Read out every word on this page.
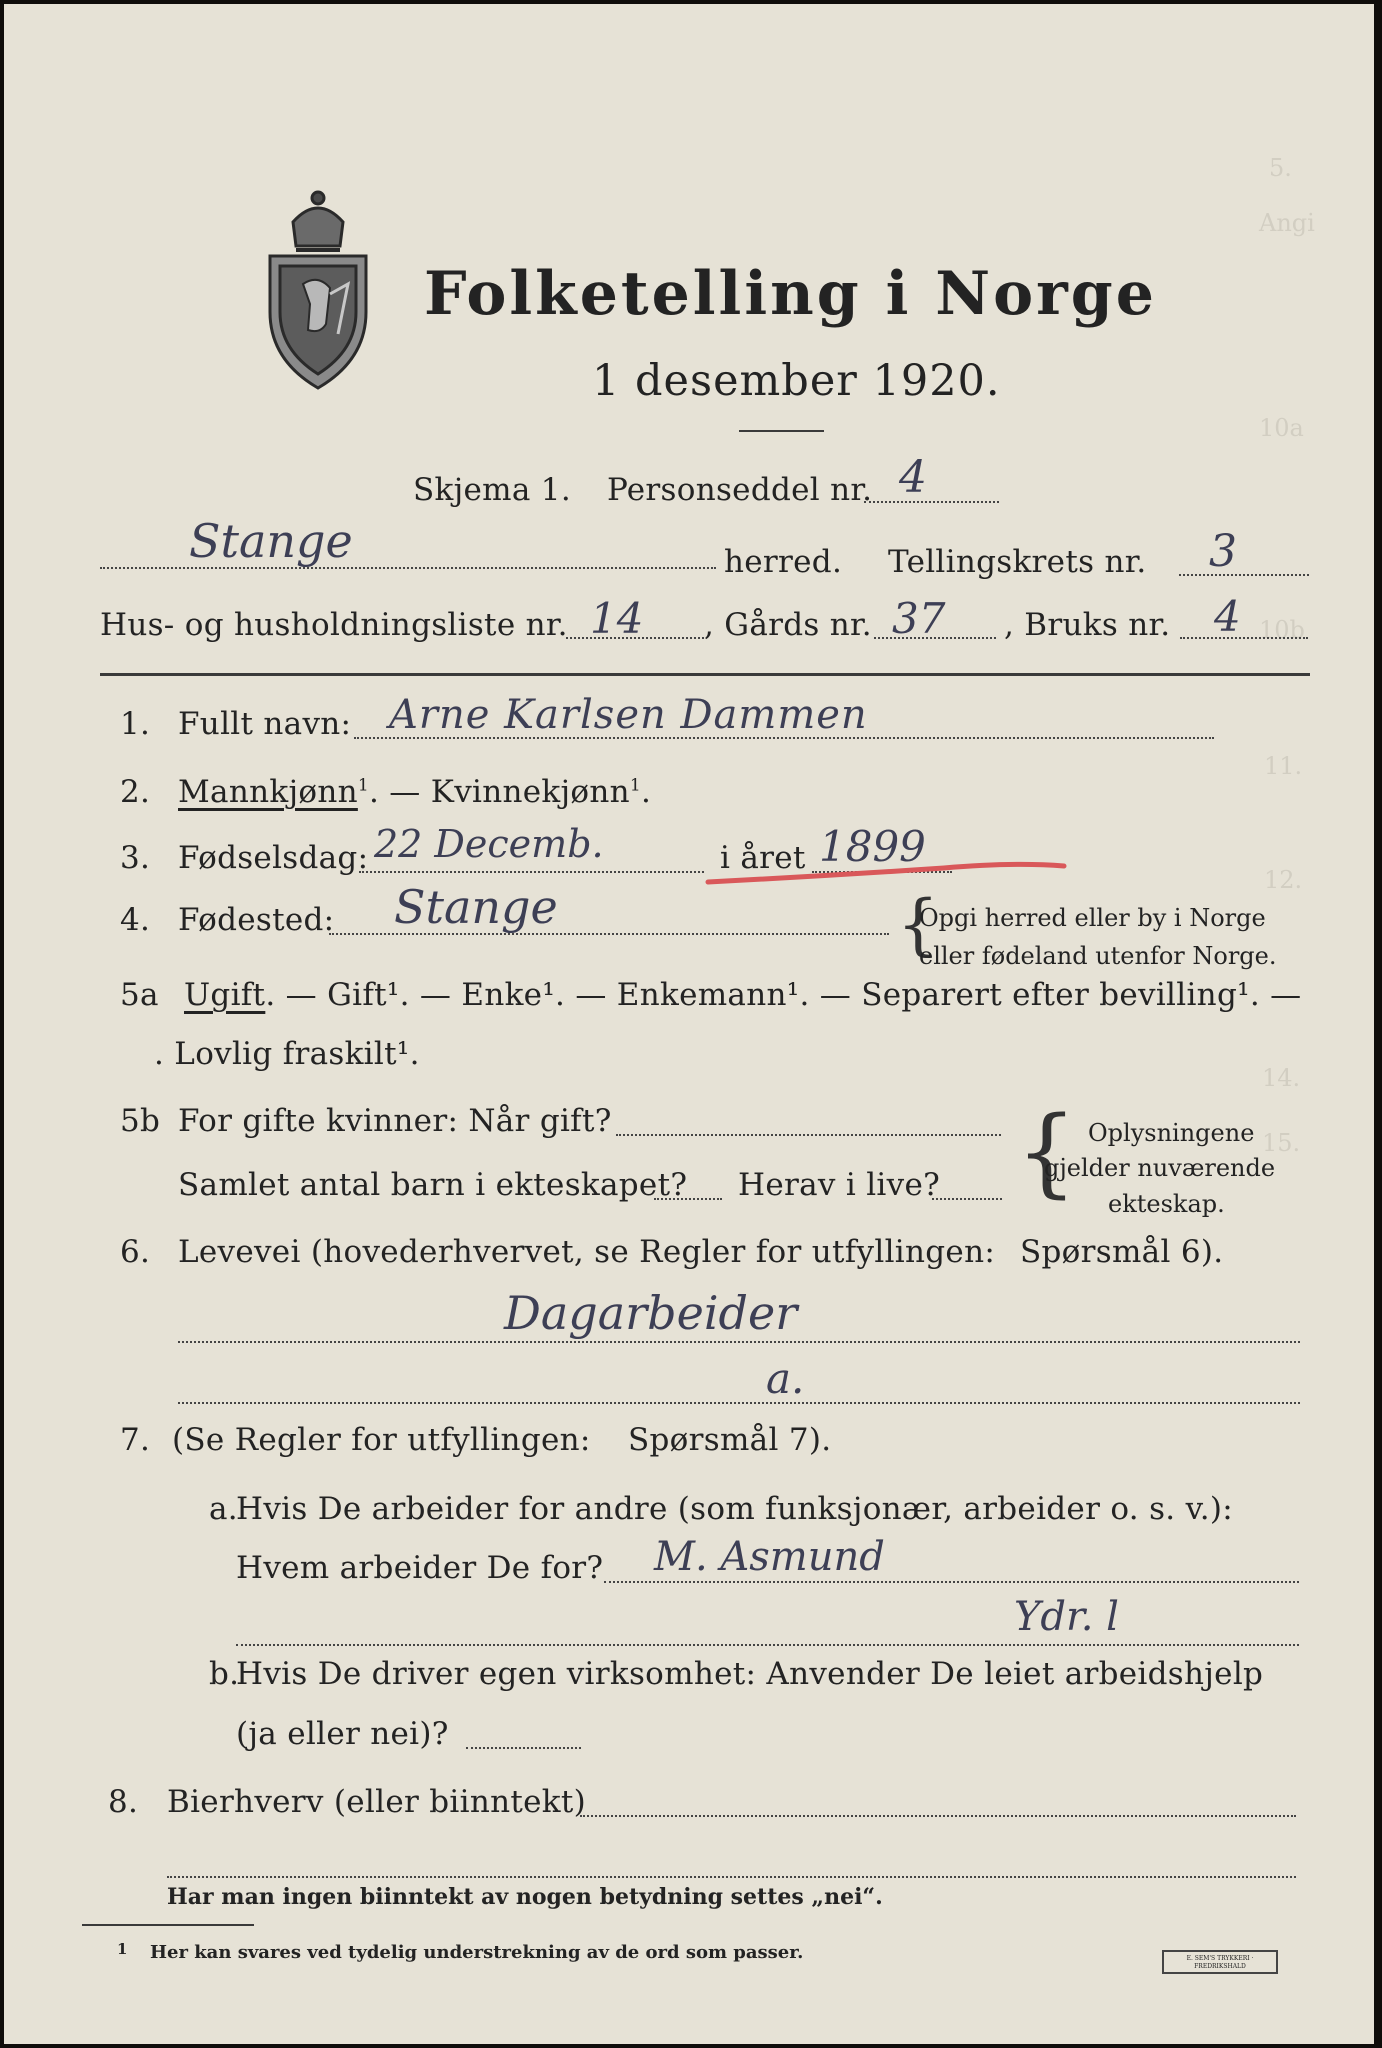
5.
Angi
10a
10b
11.
12.
14.
15.
Folketelling i Norge
1 desember 1920.
Skjema 1. Personseddel nr. 4
Stange	herred. Tellingskrets nr. 3
Hus- og husholdningsliste nr. 14 , Gårds nr. 37 , Bruks nr. 4
1. Fullt navn: Arne Karlsen Dammen
2. Mannkjønn$^1$. — Kvinnekjønn$^1$.
3. Fødselsdag: 22 Decemb.	i året 1899
4. Fødested: Stange	{
Opgi herred eller by i Norge
eller fødeland utenfor Norge.
5a Ugift. — Gift¹. — Enke¹. — Enkemann¹. — Separert efter bevilling¹. —
. Lovlig fraskilt¹.
5b For gifte kvinner: Når gift?
Samlet antal barn i ekteskapet? Herav i live? { Oplysningene
gjelder nuværende
ekteskap.
6. Levevei (hovederhvervet, se Regler for utfyllingen: Spørsmål 6).
Dagarbeider
a.
7. (Se Regler for utfyllingen: Spørsmål 7).
a.
Hvis De arbeider for andre (som funksjonær, arbeider o. s. v.):
Hvem arbeider De for? M. Asmund
Ydr. l
b.
Hvis De driver egen virksomhet: Anvender De leiet arbeidshjelp
(ja eller nei)?
8. Bierhverv (eller biinntekt)
Har man ingen biinntekt av nogen betydning settes „nei“.
1 Her kan svares ved tydelig understrekning av de ord som passer.	E. SEM'S TRYKKERI · FREDRIKSHALD
